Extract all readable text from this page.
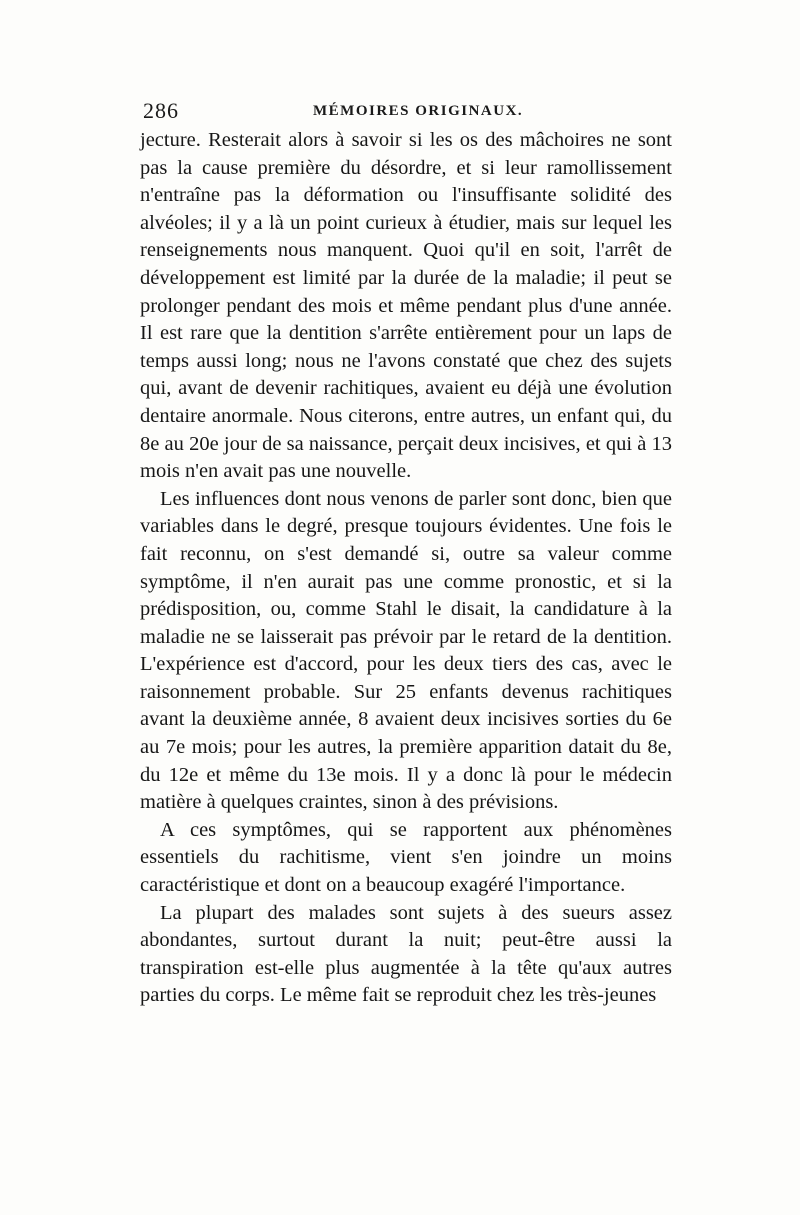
286	MÉMOIRES ORIGINAUX.

jecture. Resterait alors à savoir si les os des mâchoires ne sont pas la cause première du désordre, et si leur ramollissement n'entraîne pas la déformation ou l'insuffisante solidité des alvéoles; il y a là un point curieux à étudier, mais sur lequel les renseignements nous manquent. Quoi qu'il en soit, l'arrêt de développement est limité par la durée de la maladie; il peut se prolonger pendant des mois et même pendant plus d'une année. Il est rare que la dentition s'arrête entièrement pour un laps de temps aussi long; nous ne l'avons constaté que chez des sujets qui, avant de devenir rachitiques, avaient eu déjà une évolution dentaire anormale. Nous citerons, entre autres, un enfant qui, du 8e au 20e jour de sa naissance, perçait deux incisives, et qui à 13 mois n'en avait pas une nouvelle.

Les influences dont nous venons de parler sont donc, bien que variables dans le degré, presque toujours évidentes. Une fois le fait reconnu, on s'est demandé si, outre sa valeur comme symptôme, il n'en aurait pas une comme pronostic, et si la prédisposition, ou, comme Stahl le disait, la candidature à la maladie ne se laisserait pas prévoir par le retard de la dentition. L'expérience est d'accord, pour les deux tiers des cas, avec le raisonnement probable. Sur 25 enfants devenus rachitiques avant la deuxième année, 8 avaient deux incisives sorties du 6e au 7e mois; pour les autres, la première apparition datait du 8e, du 12e et même du 13e mois. Il y a donc là pour le médecin matière à quelques craintes, sinon à des prévisions.

A ces symptômes, qui se rapportent aux phénomènes essentiels du rachitisme, vient s'en joindre un moins caractéristique et dont on a beaucoup exagéré l'importance.

La plupart des malades sont sujets à des sueurs assez abondantes, surtout durant la nuit; peut-être aussi la transpiration est-elle plus augmentée à la tête qu'aux autres parties du corps. Le même fait se reproduit chez les très-jeunes
